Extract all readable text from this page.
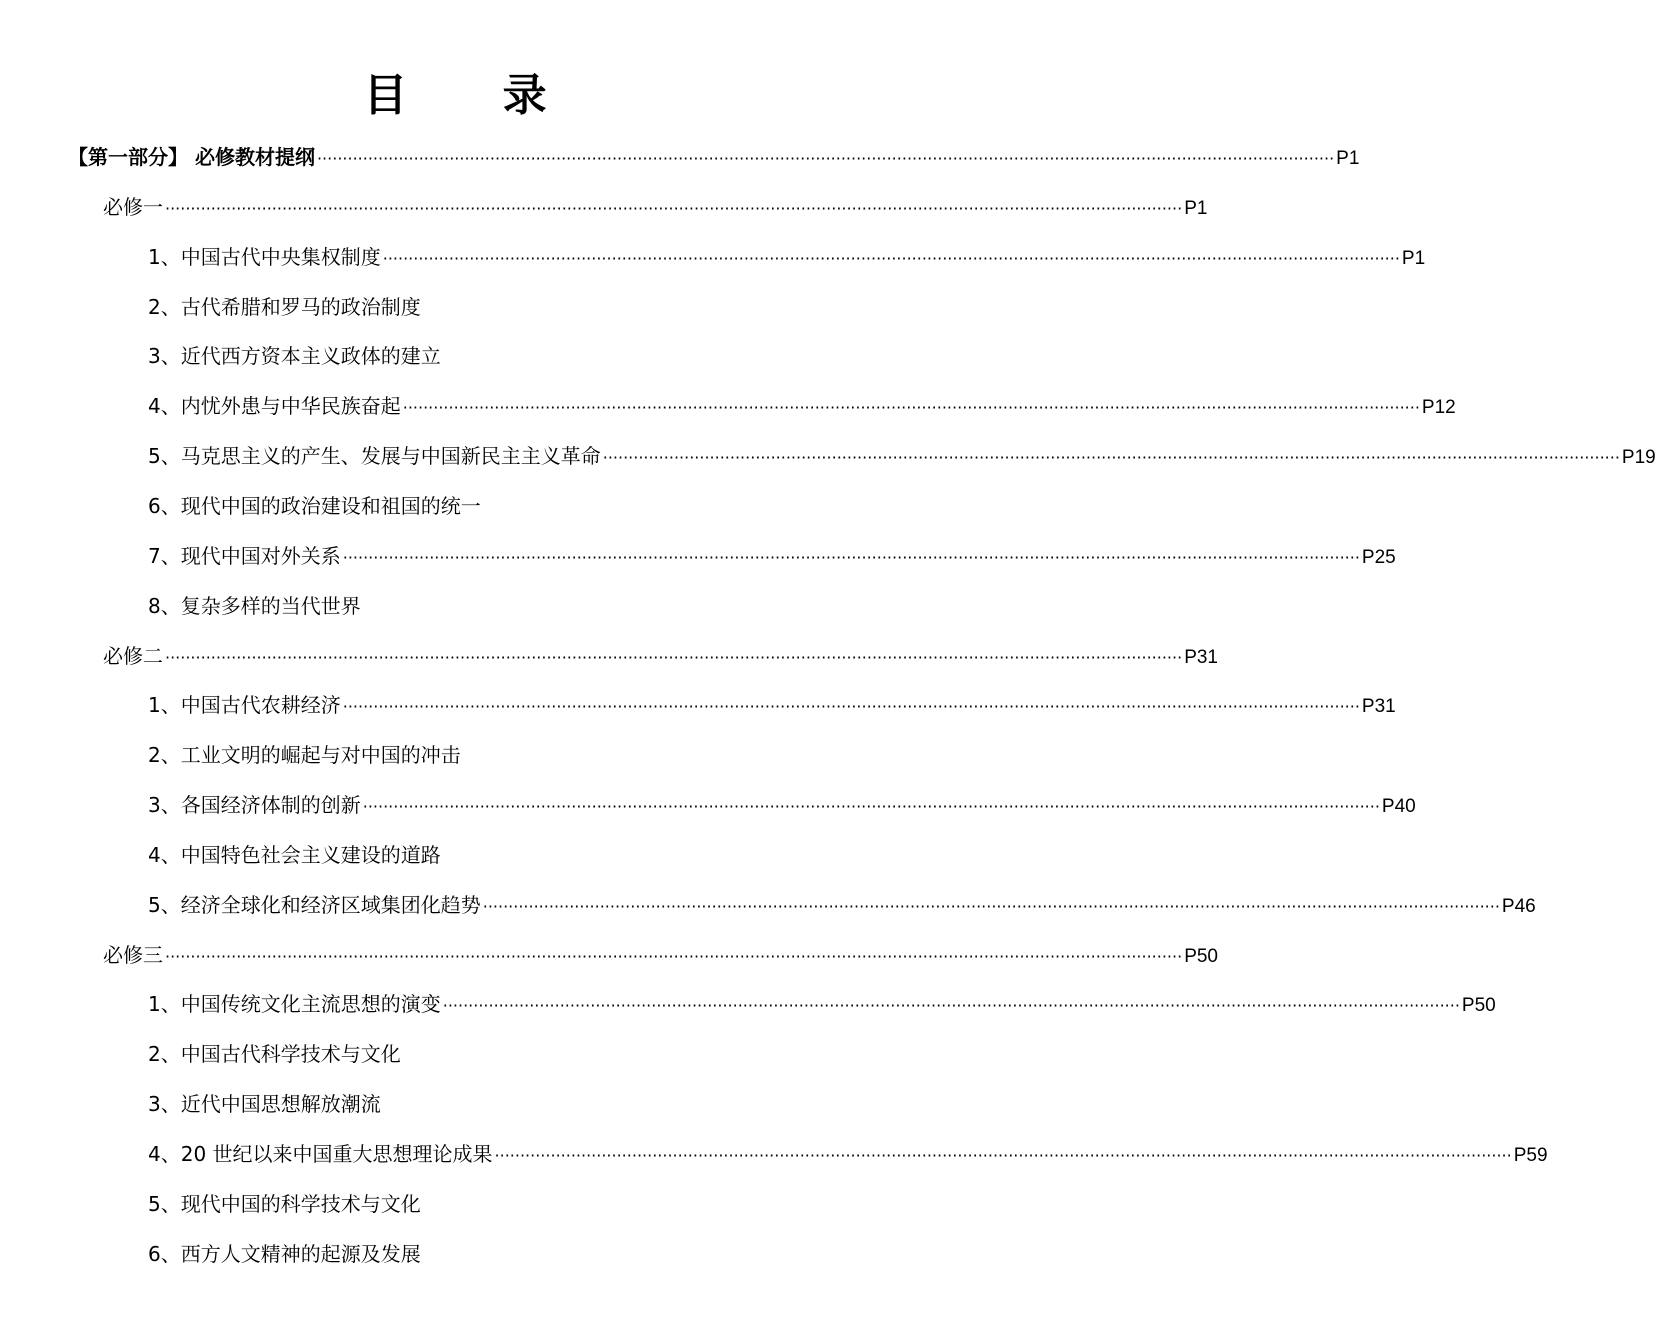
目 录
【第一部分】 必修教材提纲 ········································································································································································································ P1
必修一 ········································································································································································································ P1
1、中国古代中央集权制度 ········································································································································································································ P1
2、古代希腊和罗马的政治制度
3、近代西方资本主义政体的建立
4、内忧外患与中华民族奋起 ········································································································································································································ P12
5、马克思主义的产生、发展与中国新民主主义革命 ········································································································································································································ P19
6、现代中国的政治建设和祖国的统一
7、现代中国对外关系 ········································································································································································································ P25
8、复杂多样的当代世界
必修二 ········································································································································································································ P31
1、中国古代农耕经济 ········································································································································································································ P31
2、工业文明的崛起与对中国的冲击
3、各国经济体制的创新 ········································································································································································································ P40
4、中国特色社会主义建设的道路
5、经济全球化和经济区域集团化趋势 ········································································································································································································ P46
必修三 ········································································································································································································ P50
1、中国传统文化主流思想的演变 ········································································································································································································ P50
2、中国古代科学技术与文化
3、近代中国思想解放潮流
4、20 世纪以来中国重大思想理论成果 ········································································································································································································ P59
5、现代中国的科学技术与文化
6、西方人文精神的起源及发展
